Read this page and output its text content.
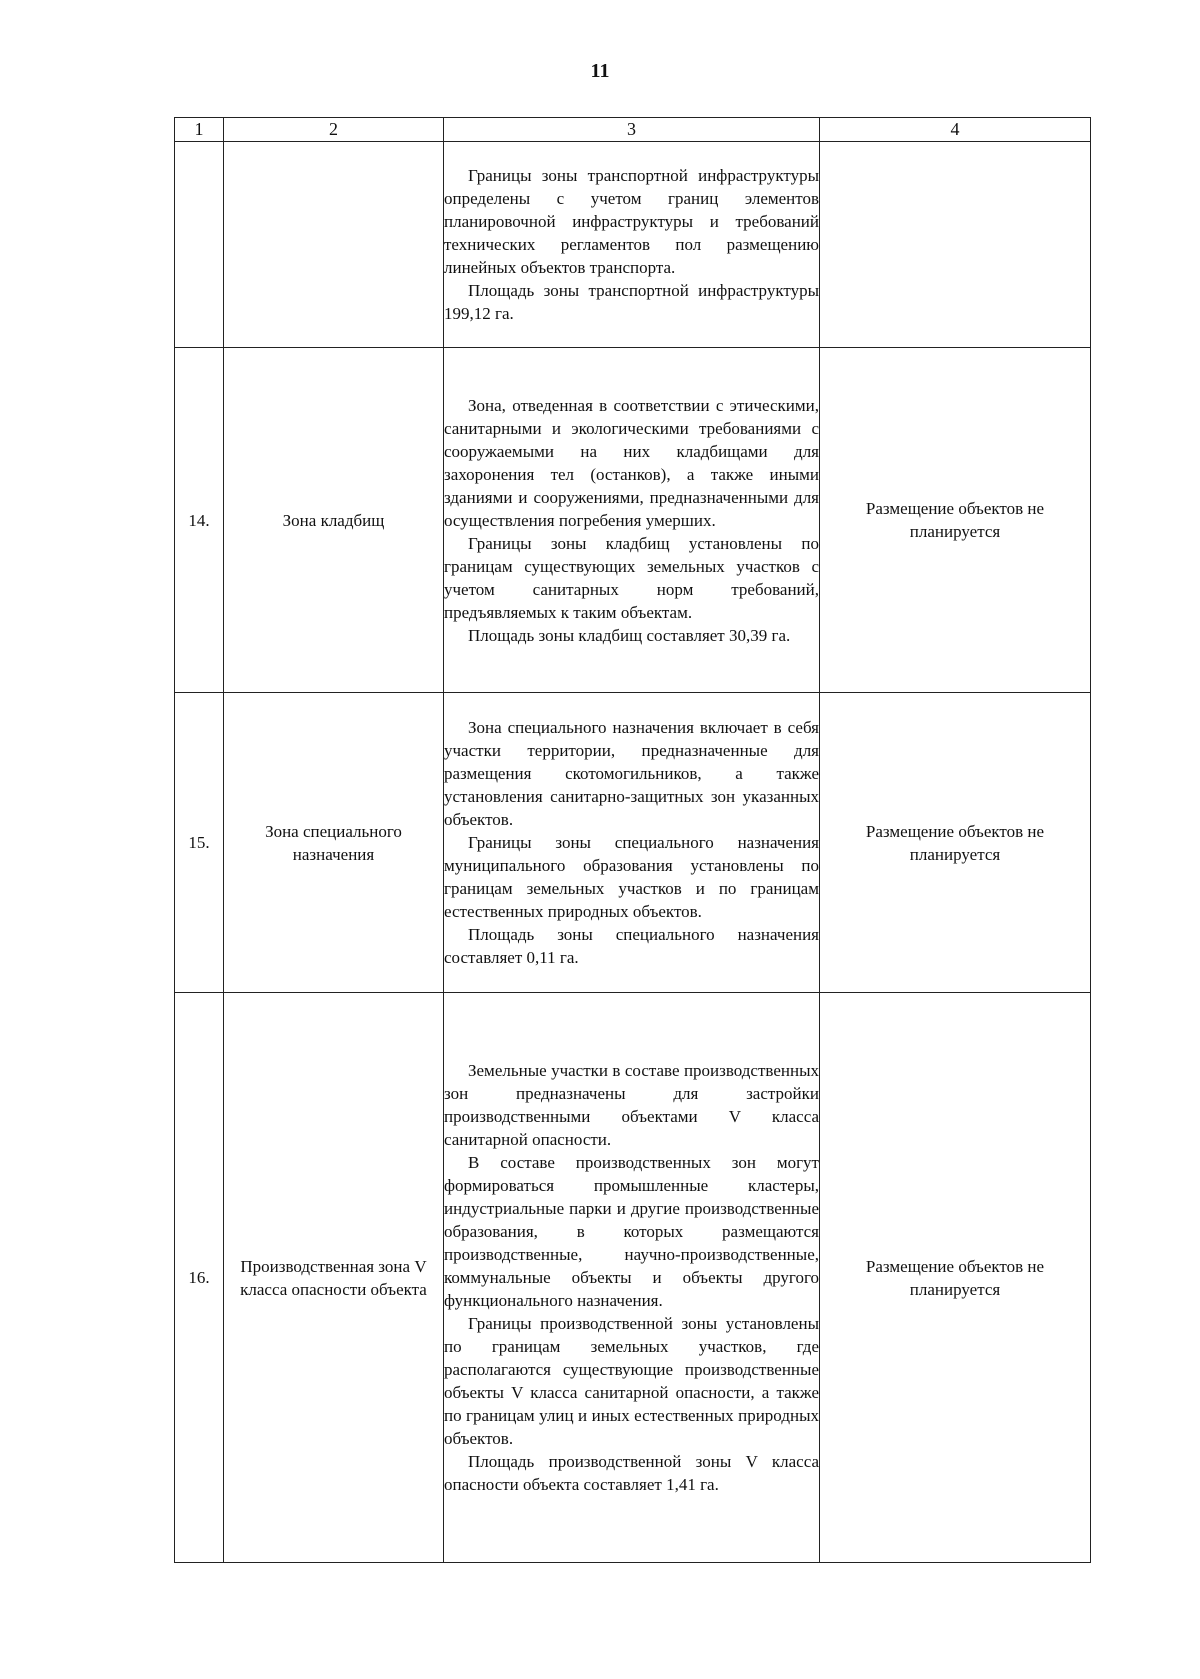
11
1	2	3	4

		Границы зоны транспортной инфраструктуры определены с учетом границ элементов планировочной инфраструктуры и требований технических регламентов пол размещению линейных объектов транспорта.

Площадь зоны транспортной инфраструктуры 199,12 га.	

14.	Зона кладбищ	Зона, отведенная в соответствии с этическими, санитарными и экологическими требованиями с сооружаемыми на них кладбищами для захоронения тел (останков), а также иными зданиями и сооружениями, предназначенными для осуществления погребения умерших.

Границы зоны кладбищ установлены по границам существующих земельных участков с учетом санитарных норм требований, предъявляемых к таким объектам.

Площадь зоны кладбищ составляет 30,39 га.	Размещение объектов не планируется
15.	Зона специального назначения	Зона специального назначения включает в себя участки территории, предназначенные для размещения скотомогильников, а также установления санитарно-защитных зон указанных объектов.

Границы зоны специального назначения муниципального образования установлены по границам земельных участков и по границам естественных природных объектов.

Площадь зоны специального назначения составляет 0,11 га.	Размещение объектов не планируется
16.	Производственная зона V класса опасности объекта	Земельные участки в составе производственных зон предназначены для застройки производственными объектами V класса санитарной опасности.

В составе производственных зон могут формироваться промышленные кластеры, индустриальные парки и другие производственные образования, в которых размещаются производственные, научно-производственные, коммунальные объекты и объекты другого функционального назначения.

Границы производственной зоны установлены по границам земельных участков, где располагаются существующие производственные объекты V класса санитарной опасности, а также по границам улиц и иных естественных природных объектов.

Площадь производственной зоны V класса опасности объекта составляет 1,41 га.	Размещение объектов не планируется
